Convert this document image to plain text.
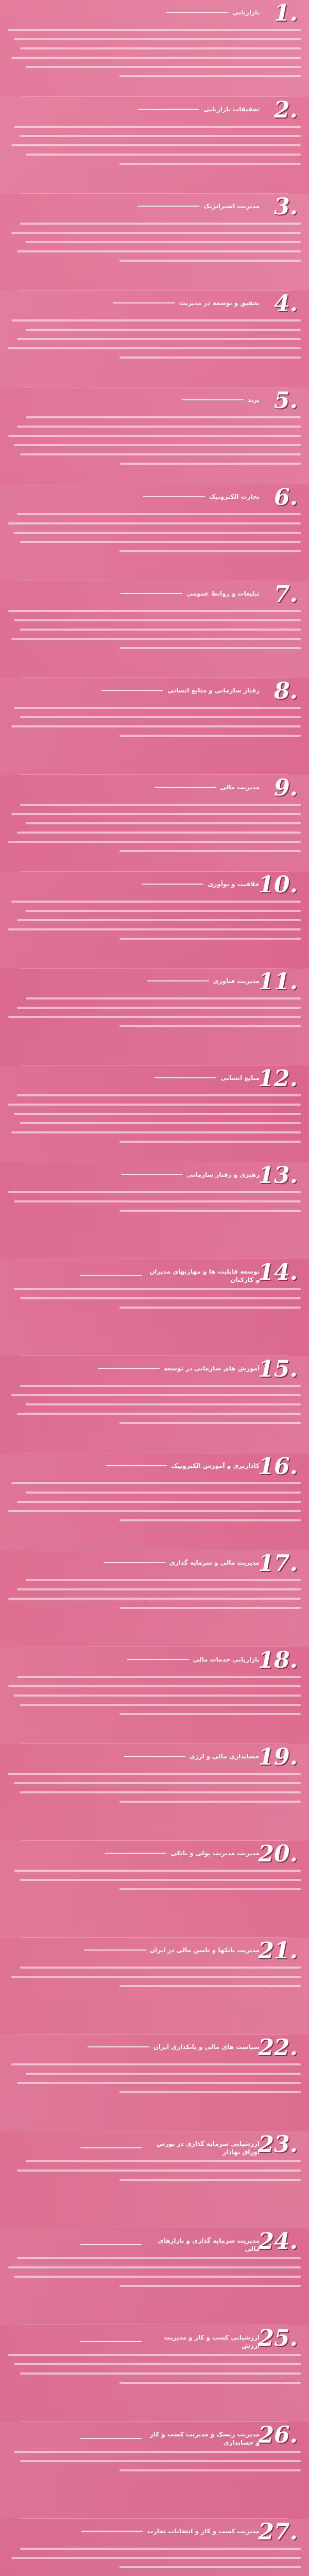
1.
بازاریابی
2.
تحقیقات بازاریابی
3.
مدیریت استراتژیک
4.
تحقیق و توسعه در مدیریت
5.
برند
6.
تجارت الکترونیک
7.
تبلیغات و روابط عمومی
8.
رفتار سازمانی و منابع انسانی
9.
مدیریت مالی
10.
خلاقیت و نوآوری
11.
مدیریت فناوری
12.
منابع انسانی
13.
رهبری و رفتار سازمانی
14.
توسعه قابلیت ها و مهارتهای مدیران و کارکنان
15.
آموزش های سازمانی در توسعه
16.
کاداربری و آموزش الکترونیک
17.
مدیریت مالی و سرمایه گذاری
18.
بازاریابی خدمات مالی
19.
حسابداری مالی و ارزی
20.
مدیریت مدیریت پولی و بانکی
21.
مدیریت بانکها و تامین مالی در ایران
22.
سیاست های مالی و بانکداری ایران
23.
ارزشیابی سرمایه گذاری در بورس اوراق بهادار
24.
مدیریت سرمایه گذاری و بازارهای مالی
25.
ارزشیابی کسب و کار و مدیریت ارزش
26.
مدیریت ریسک و مدیریت کسب و کار و حسابداری
27.
مدیریت کسب و کار و انتخابات تجارت
